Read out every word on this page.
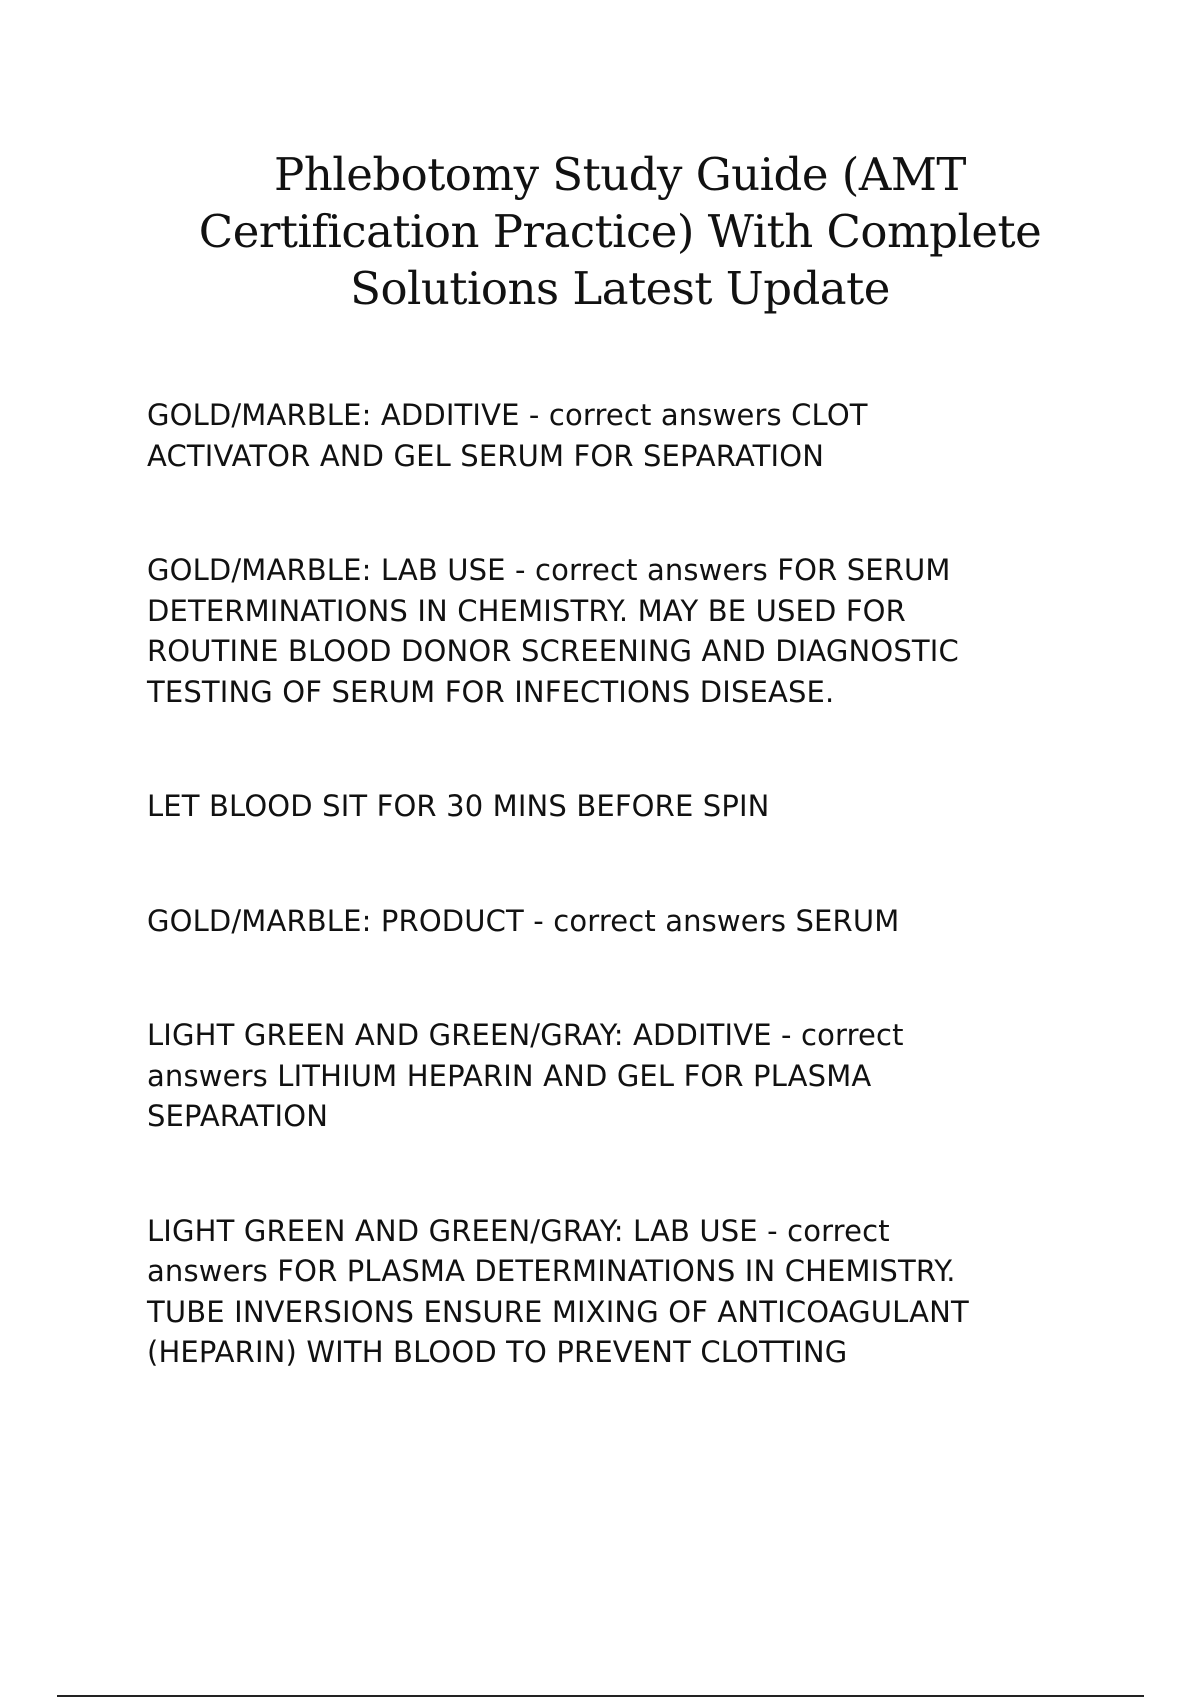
Phlebotomy Study Guide (AMT Certification Practice) With Complete Solutions Latest Update

GOLD/MARBLE: ADDITIVE - correct answers CLOT
ACTIVATOR AND GEL SERUM FOR SEPARATION

GOLD/MARBLE: LAB USE - correct answers FOR SERUM
DETERMINATIONS IN CHEMISTRY. MAY BE USED FOR
ROUTINE BLOOD DONOR SCREENING AND DIAGNOSTIC
TESTING OF SERUM FOR INFECTIONS DISEASE.

LET BLOOD SIT FOR 30 MINS BEFORE SPIN

GOLD/MARBLE: PRODUCT - correct answers SERUM

LIGHT GREEN AND GREEN/GRAY: ADDITIVE - correct
answers LITHIUM HEPARIN AND GEL FOR PLASMA
SEPARATION

LIGHT GREEN AND GREEN/GRAY: LAB USE - correct
answers FOR PLASMA DETERMINATIONS IN CHEMISTRY.
TUBE INVERSIONS ENSURE MIXING OF ANTICOAGULANT
(HEPARIN) WITH BLOOD TO PREVENT CLOTTING
